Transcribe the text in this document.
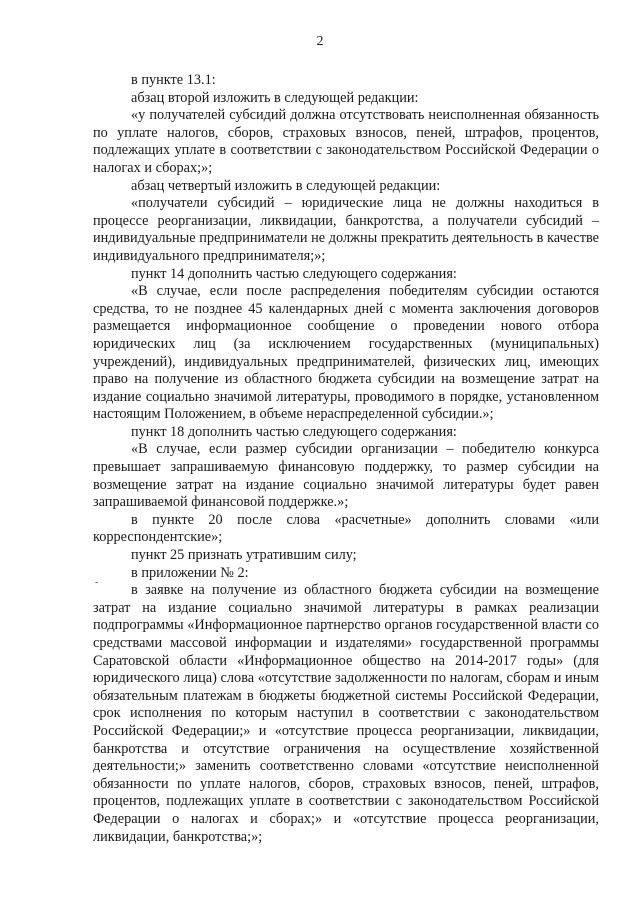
2

в пункте 13.1:

абзац второй изложить в следующей редакции:

«у получателей субсидий должна отсутствовать неисполненная обязанность по уплате налогов, сборов, страховых взносов, пеней, штрафов, процентов, подлежащих уплате в соответствии с законодательством Российской Федерации о налогах и сборах;»;

абзац четвертый изложить в следующей редакции:

«получатели субсидий – юридические лица не должны находиться в процессе реорганизации, ликвидации, банкротства, а получатели субсидий – индивидуальные предприниматели не должны прекратить деятельность в качестве индивидуального предпринимателя;»;

пункт 14 дополнить частью следующего содержания:

«В случае, если после распределения победителям субсидии остаются средства, то не позднее 45 календарных дней с момента заключения договоров размещается информационное сообщение о проведении нового отбора юридических лиц (за исключением государственных (муниципальных) учреждений), индивидуальных предпринимателей, физических лиц, имеющих право на получение из областного бюджета субсидии на возмещение затрат на издание социально значимой литературы, проводимого в порядке, установленном настоящим Положением, в объеме нераспределенной субсидии.»;

пункт 18 дополнить частью следующего содержания:

«В случае, если размер субсидии организации – победителю конкурса превышает запрашиваемую финансовую поддержку, то размер субсидии на возмещение затрат на издание социально значимой литературы будет равен запрашиваемой финансовой поддержке.»;

в пункте 20 после слова «расчетные» дополнить словами «или корреспондентские»;

пункт 25 признать утратившим силу;

в приложении № 2:

в заявке на получение из областного бюджета субсидии на возмещение затрат на издание социально значимой литературы в рамках реализации подпрограммы «Информационное партнерство органов государственной власти со средствами массовой информации и издателями» государственной программы Саратовской области «Информационное общество на 2014-2017 годы» (для юридического лица) слова «отсутствие задолженности по налогам, сборам и иным обязательным платежам в бюджеты бюджетной системы Российской Федерации, срок исполнения по которым наступил в соответствии с законодательством Российской Федерации;» и «отсутствие процесса реорганизации, ликвидации, банкротства и отсутствие ограничения на осуществление хозяйственной деятельности;» заменить соответственно словами «отсутствие неисполненной обязанности по уплате налогов, сборов, страховых взносов, пеней, штрафов, процентов, подлежащих уплате в соответствии с законодательством Российской Федерации о налогах и сборах;» и «отсутствие процесса реорганизации, ликвидации, банкротства;»;

-
